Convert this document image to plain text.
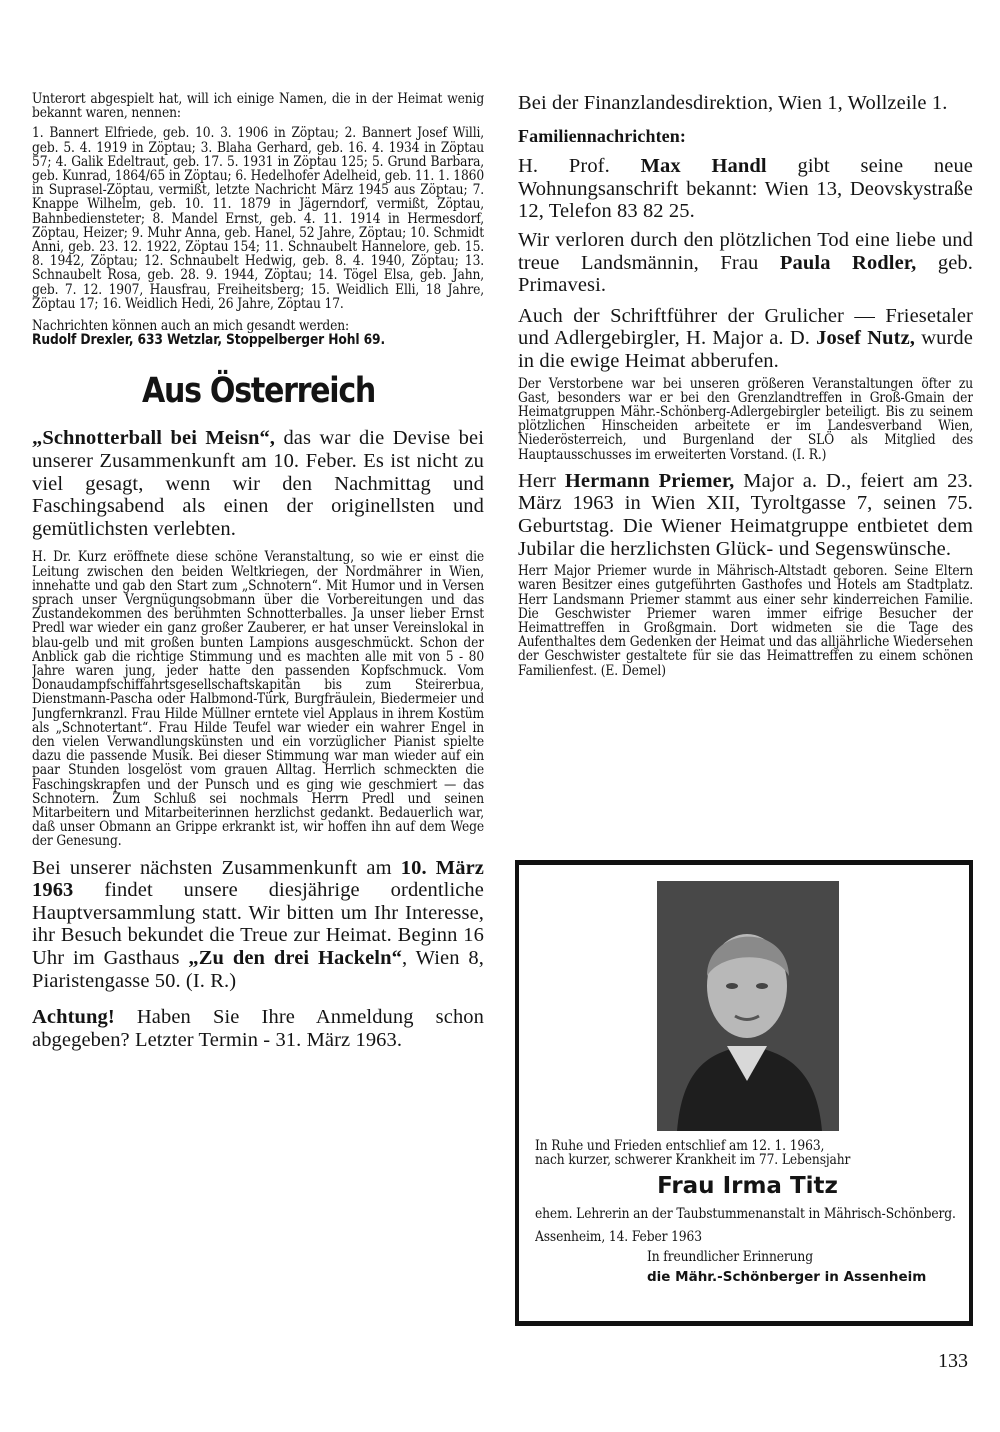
Unterort abgespielt hat, will ich einige Namen, die in der Heimat wenig bekannt waren, nennen:
1. Bannert Elfriede, geb. 10. 3. 1906 in Zöptau; 2. Bannert Josef Willi, geb. 5. 4. 1919 in Zöptau; 3. Blaha Gerhard, geb. 16. 4. 1934 in Zöptau 57; 4. Galik Edeltraut, geb. 17. 5. 1931 in Zöptau 125; 5. Grund Barbara, geb. Kunrad, 1864/65 in Zöptau; 6. Hedelhofer Adelheid, geb. 11. 1. 1860 in Suprasel-Zöptau, vermißt, letzte Nachricht März 1945 aus Zöptau; 7. Knappe Wilhelm, geb. 10. 11. 1879 in Jägerndorf, vermißt, Zöptau, Bahnbediensteter; 8. Mandel Ernst, geb. 4. 11. 1914 in Hermesdorf, Zöptau, Heizer; 9. Muhr Anna, geb. Hanel, 52 Jahre, Zöptau; 10. Schmidt Anni, geb. 23. 12. 1922, Zöptau 154; 11. Schnaubelt Hannelore, geb. 15. 8. 1942, Zöptau; 12. Schnaubelt Hedwig, geb. 8. 4. 1940, Zöptau; 13. Schnaubelt Rosa, geb. 28. 9. 1944, Zöptau; 14. Tögel Elsa, geb. Jahn, geb. 7. 12. 1907, Hausfrau, Freiheitsberg; 15. Weidlich Elli, 18 Jahre, Zöptau 17; 16. Weidlich Hedi, 26 Jahre, Zöptau 17.
Nachrichten können auch an mich gesandt werden:
Rudolf Drexler, 633 Wetzlar, Stoppelberger Hohl 69.
Aus Österreich
„Schnotterball bei Meisn“, das war die Devise bei unserer Zusammenkunft am 10. Feber. Es ist nicht zu viel gesagt, wenn wir den Nachmittag und Faschingsabend als einen der originellsten und gemütlichsten verlebten.
H. Dr. Kurz eröffnete diese schöne Veranstaltung, so wie er einst die Leitung zwischen den beiden Weltkriegen, der Nordmährer in Wien, innehatte und gab den Start zum „Schnotern“. Mit Humor und in Versen sprach unser Vergnügungsobmann über die Vorbereitungen und das Zustandekommen des berühmten Schnotterballes. Ja unser lieber Ernst Predl war wieder ein ganz großer Zauberer, er hat unser Vereinslokal in blau-gelb und mit großen bunten Lampions ausgeschmückt. Schon der Anblick gab die richtige Stimmung und es machten alle mit von 5 - 80 Jahre waren jung, jeder hatte den passenden Kopfschmuck. Vom Donaudampfschiffahrtsgesellschaftskapitän bis zum Steirerbua, Dienstmann-Pascha oder Halbmond-Türk, Burgfräulein, Biedermeier und Jungfernkranzl. Frau Hilde Müllner erntete viel Applaus in ihrem Kostüm als „Schnotertant“. Frau Hilde Teufel war wieder ein wahrer Engel in den vielen Verwandlungskünsten und ein vorzüglicher Pianist spielte dazu die passende Musik. Bei dieser Stimmung war man wieder auf ein paar Stunden losgelöst vom grauen Alltag. Herrlich schmeckten die Faschingskrapfen und der Punsch und es ging wie geschmiert — das Schnotern. Zum Schluß sei nochmals Herrn Predl und seinen Mitarbeitern und Mitarbeiterinnen herzlichst gedankt. Bedauerlich war, daß unser Obmann an Grippe erkrankt ist, wir hoffen ihn auf dem Wege der Genesung.
Bei unserer nächsten Zusammenkunft am 10. März 1963 findet unsere diesjährige ordentliche Hauptversammlung statt. Wir bitten um Ihr Interesse, ihr Besuch bekundet die Treue zur Heimat. Beginn 16 Uhr im Gasthaus „Zu den drei Hackeln“, Wien 8, Piaristengasse 50. (I. R.)
Achtung! Haben Sie Ihre Anmeldung schon abgegeben? Letzter Termin - 31. März 1963.
Bei der Finanzlandesdirektion, Wien 1, Wollzeile 1.
Familiennachrichten:
H. Prof. Max Handl gibt seine neue Wohnungsanschrift bekannt: Wien 13, Deovskystraße 12, Telefon 83 82 25.
Wir verloren durch den plötzlichen Tod eine liebe und treue Landsmännin, Frau Paula Rodler, geb. Primavesi.
Auch der Schriftführer der Grulicher — Friesetaler und Adlergebirgler, H. Major a. D. Josef Nutz, wurde in die ewige Heimat abberufen.
Der Verstorbene war bei unseren größeren Veranstaltungen öfter zu Gast, besonders war er bei den Grenzlandtreffen in Groß-Gmain der Heimatgruppen Mähr.-Schönberg-Adlergebirgler beteiligt. Bis zu seinem plötzlichen Hinscheiden arbeitete er im Landesverband Wien, Niederösterreich, und Burgenland der SLÖ als Mitglied des Hauptausschusses im erweiterten Vorstand. (I. R.)
Herr Hermann Priemer, Major a. D., feiert am 23. März 1963 in Wien XII, Tyroltgasse 7, seinen 75. Geburtstag. Die Wiener Heimatgruppe entbietet dem Jubilar die herzlichsten Glück- und Segenswünsche.
Herr Major Priemer wurde in Mährisch-Altstadt geboren. Seine Eltern waren Besitzer eines gutgeführten Gasthofes und Hotels am Stadtplatz. Herr Landsmann Priemer stammt aus einer sehr kinderreichen Familie. Die Geschwister Priemer waren immer eifrige Besucher der Heimattreffen in Großgmain. Dort widmeten sie die Tage des Aufenthaltes dem Gedenken der Heimat und das alljährliche Wiedersehen der Geschwister gestaltete für sie das Heimattreffen zu einem schönen Familienfest. (E. Demel)
In Ruhe und Frieden entschlief am 12. 1. 1963,
nach kurzer, schwerer Krankheit im 77. Lebensjahr
Frau Irma Titz
ehem. Lehrerin an der Taubstummenanstalt in Mährisch-Schönberg.
Assenheim, 14. Feber 1963
In freundlicher Erinnerung
die Mähr.-Schönberger in Assenheim
133
